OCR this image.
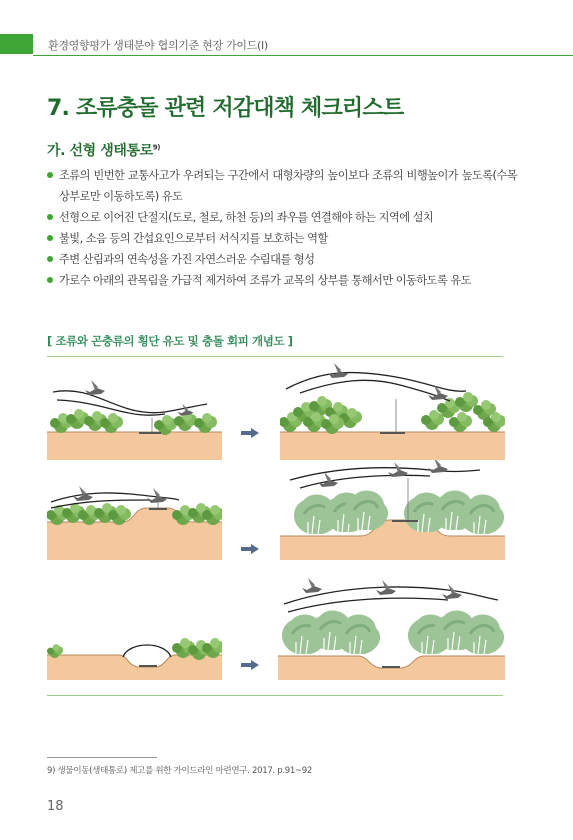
환경영향평가 생태분야 협의기준 현장 가이드(Ⅰ)
7. 조류충돌 관련 저감대책 체크리스트
가. 선형 생태통로$^{9)}$
조류의 빈번한 교통사고가 우려되는 구간에서 대형차량의 높이보다 조류의 비행높이가 높도록(수목 상부로만 이동하도록) 유도
선형으로 이어진 단절지(도로, 철로, 하천 등)의 좌우를 연결해야 하는 지역에 설치
불빛, 소음 등의 간섭요인으로부터 서식지를 보호하는 역할
주변 산림과의 연속성을 가진 자연스러운 수림대를 형성
가로수 아래의 관목림을 가급적 제거하여 조류가 교목의 상부를 통해서만 이동하도록 유도
[ 조류와 곤충류의 횡단 유도 및 충돌 회피 개념도 ]
9) 생물이동(생태통로) 제고를 위한 가이드라인 마련연구. 2017. p.91~92
18
